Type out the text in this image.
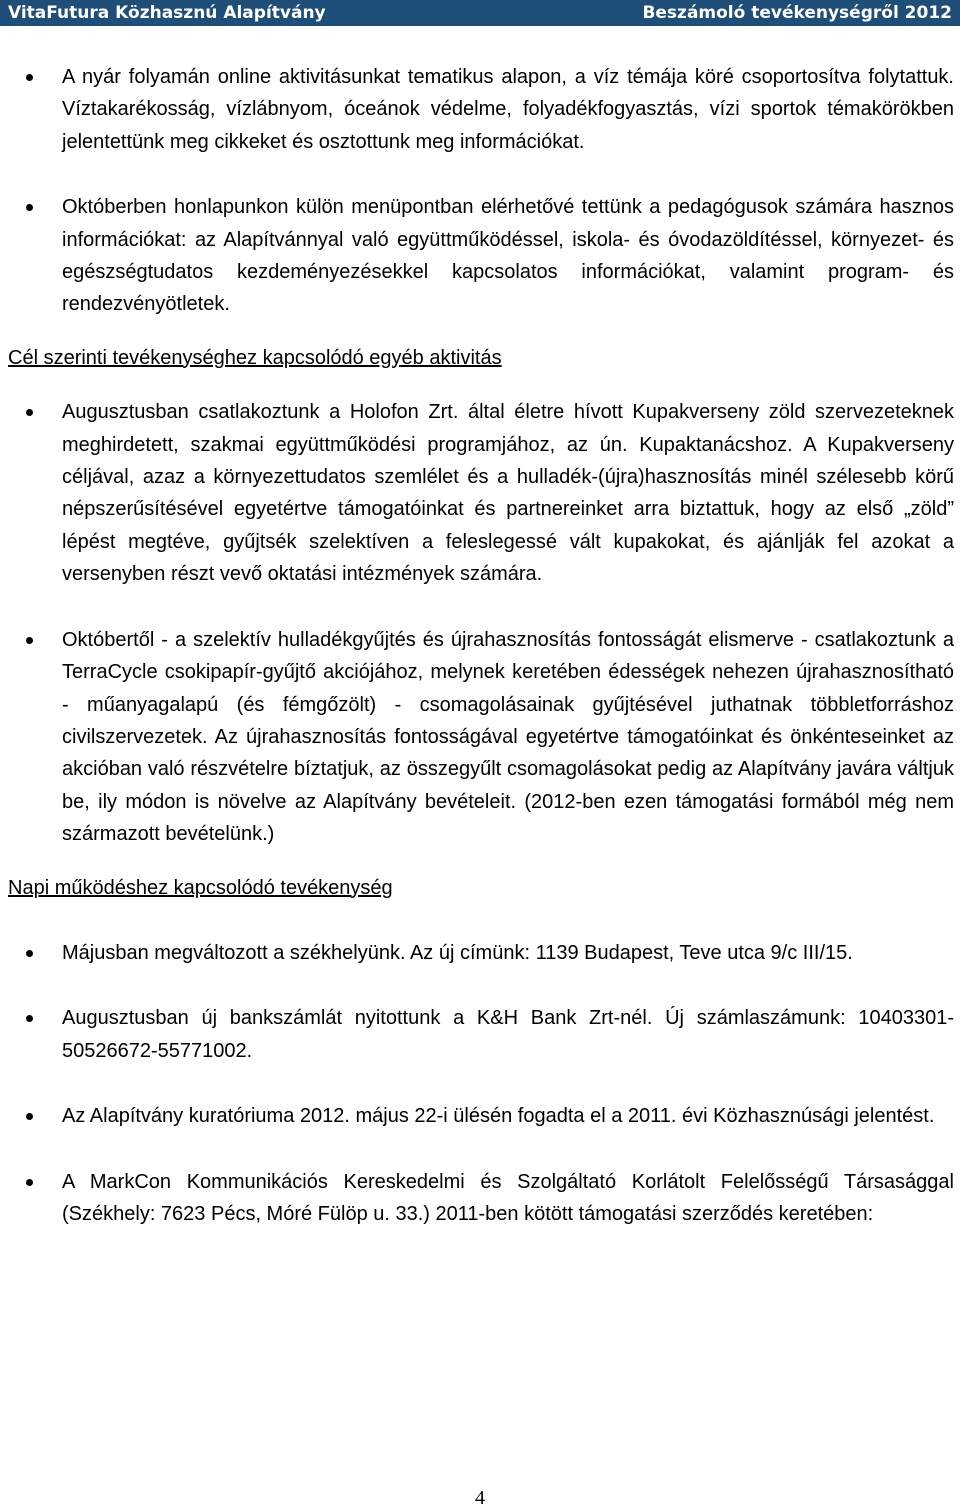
VitaFutura Közhasznú Alapítvány	Beszámoló tevékenységről 2012
A nyár folyamán online aktivitásunkat tematikus alapon, a víz témája köré csoportosítva folytattuk. Víztakarékosság, vízlábnyom, óceánok védelme, folyadékfogyasztás, vízi sportok témakörökben jelentettünk meg cikkeket és osztottunk meg információkat.
Októberben honlapunkon külön menüpontban elérhetővé tettünk a pedagógusok számára hasznos információkat: az Alapítvánnyal való együttműködéssel, iskola- és óvodazöldítéssel, környezet- és egészségtudatos kezdeményezésekkel kapcsolatos információkat, valamint program- és rendezvényötletek.

Cél szerinti tevékenységhez kapcsolódó egyéb aktivitás

Augusztusban csatlakoztunk a Holofon Zrt. által életre hívott Kupakverseny zöld szervezeteknek meghirdetett, szakmai együttműködési programjához, az ún. Kupaktanácshoz. A Kupakverseny céljával, azaz a környezettudatos szemlélet és a hulladék-(újra)hasznosítás minél szélesebb körű népszerűsítésével egyetértve támogatóinkat és partnereinket arra biztattuk, hogy az első „zöld” lépést megtéve, gyűjtsék szelektíven a feleslegessé vált kupakokat, és ajánlják fel azokat a versenyben részt vevő oktatási intézmények számára.
Októbertől - a szelektív hulladékgyűjtés és újrahasznosítás fontosságát elismerve - csatlakoztunk a TerraCycle csokipapír-gyűjtő akciójához, melynek keretében édességek nehezen újrahasznosítható - műanyagalapú (és fémgőzölt) - csomagolásainak gyűjtésével juthatnak többletforráshoz civilszervezetek. Az újrahasznosítás fontosságával egyetértve támogatóinkat és önkénteseinket az akcióban való részvételre bíztatjuk, az összegyűlt csomagolásokat pedig az Alapítvány javára váltjuk be, ily módon is növelve az Alapítvány bevételeit. (2012-ben ezen támogatási formából még nem származott bevételünk.)

Napi működéshez kapcsolódó tevékenység

Májusban megváltozott a székhelyünk. Az új címünk: 1139 Budapest, Teve utca 9/c III/15.
Augusztusban új bankszámlát nyitottunk a K&H Bank Zrt-nél. Új számlaszámunk: 10403301-50526672-55771002.
Az Alapítvány kuratóriuma 2012. május 22-i ülésén fogadta el a 2011. évi Közhasznúsági jelentést.
A MarkCon Kommunikációs Kereskedelmi és Szolgáltató Korlátolt Felelősségű Társasággal (Székhely: 7623 Pécs, Móré Fülöp u. 33.) 2011-ben kötött támogatási szerződés keretében:
4
